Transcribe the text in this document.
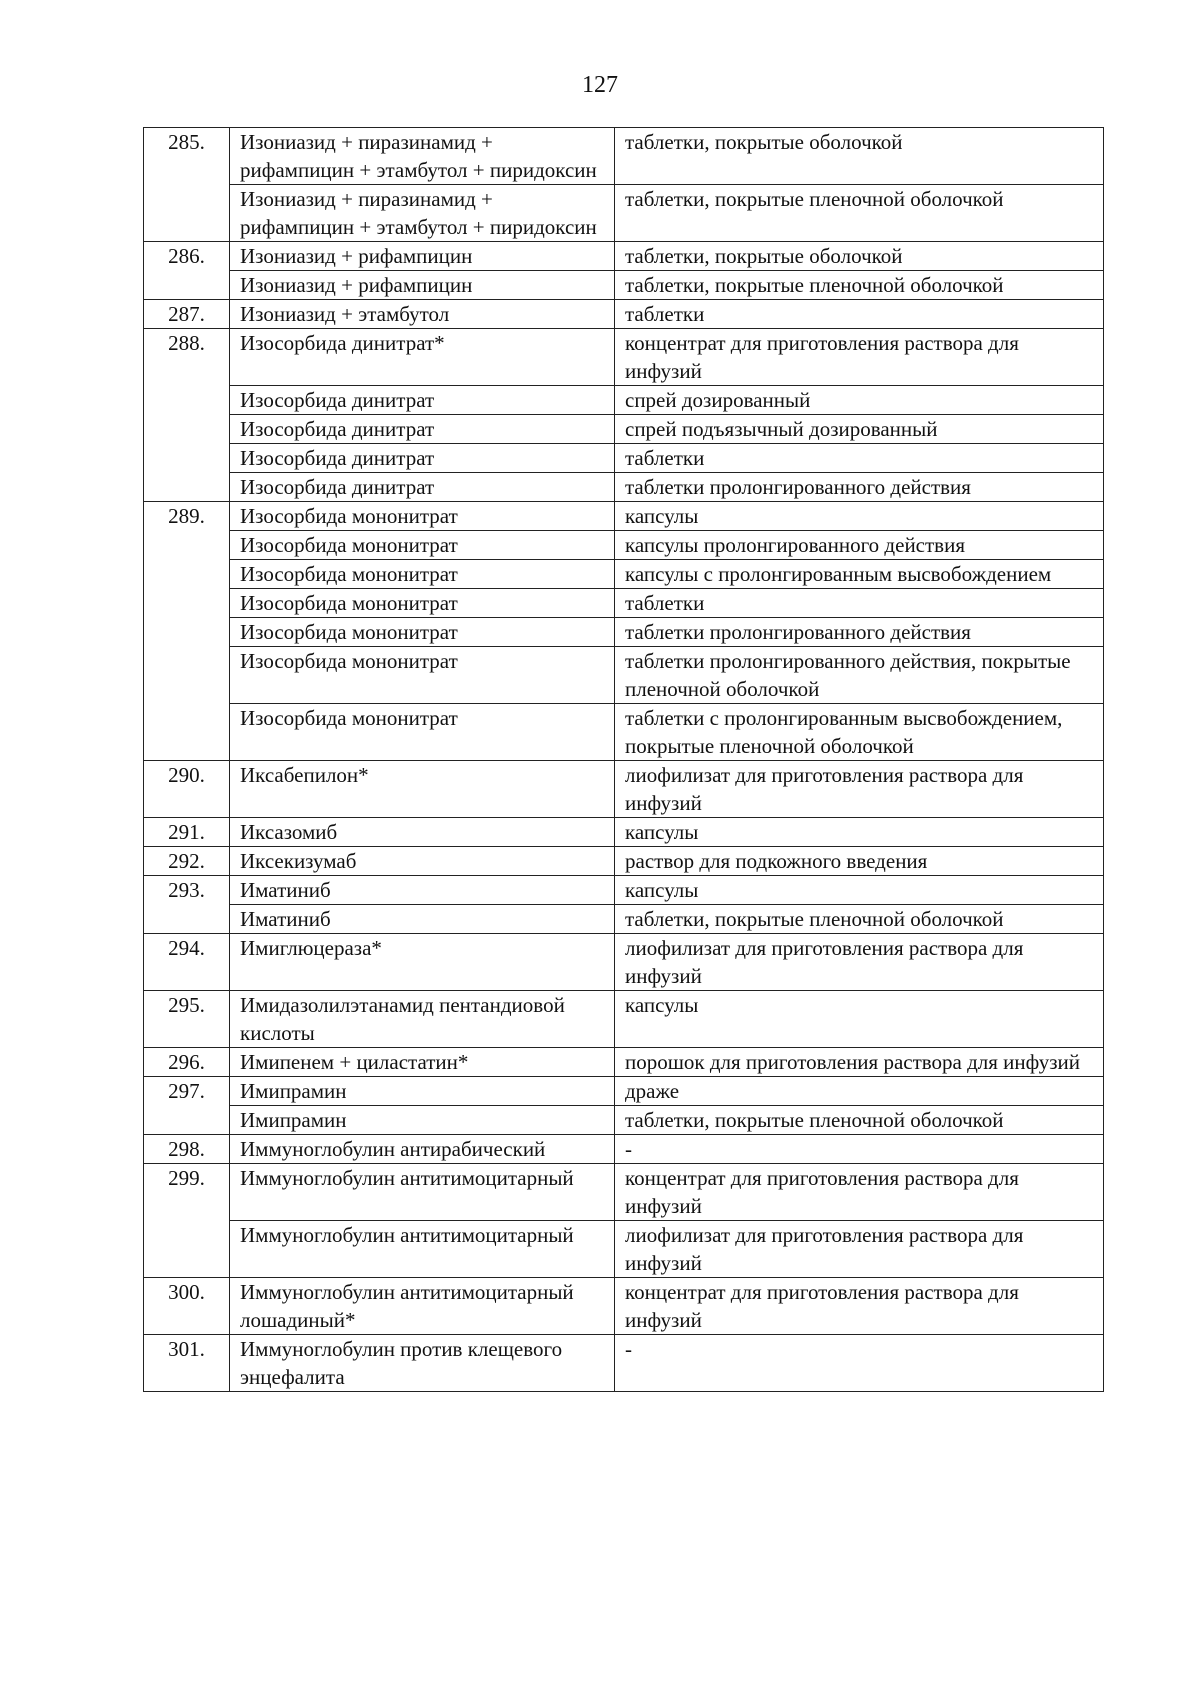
127
285.	Изониазид + пиразинамид + рифампицин + этамбутол + пиридоксин	таблетки, покрытые оболочкой
	Изониазид + пиразинамид + рифампицин + этамбутол + пиридоксин	таблетки, покрытые пленочной оболочкой
286.	Изониазид + рифампицин	таблетки, покрытые оболочкой
	Изониазид + рифампицин	таблетки, покрытые пленочной оболочкой
287.	Изониазид + этамбутол	таблетки
288.	Изосорбида динитрат*	концентрат для приготовления раствора для инфузий
	Изосорбида динитрат	спрей дозированный
	Изосорбида динитрат	спрей подъязычный дозированный
	Изосорбида динитрат	таблетки
	Изосорбида динитрат	таблетки пролонгированного действия
289.	Изосорбида мононитрат	капсулы
	Изосорбида мононитрат	капсулы пролонгированного действия
	Изосорбида мононитрат	капсулы с пролонгированным высвобождением
	Изосорбида мононитрат	таблетки
	Изосорбида мононитрат	таблетки пролонгированного действия
	Изосорбида мононитрат	таблетки пролонгированного действия, покрытые пленочной оболочкой
	Изосорбида мононитрат	таблетки с пролонгированным высвобождением, покрытые пленочной оболочкой
290.	Иксабепилон*	лиофилизат для приготовления раствора для инфузий
291.	Иксазомиб	капсулы
292.	Иксекизумаб	раствор для подкожного введения
293.	Иматиниб	капсулы
	Иматиниб	таблетки, покрытые пленочной оболочкой
294.	Имиглюцераза*	лиофилизат для приготовления раствора для инфузий
295.	Имидазолилэтанамид пентандиовой кислоты	капсулы
296.	Имипенем + циластатин*	порошок для приготовления раствора для инфузий
297.	Имипрамин	драже
	Имипрамин	таблетки, покрытые пленочной оболочкой
298.	Иммуноглобулин антирабический	-
299.	Иммуноглобулин антитимоцитарный	концентрат для приготовления раствора для инфузий
	Иммуноглобулин антитимоцитарный	лиофилизат для приготовления раствора для инфузий
300.	Иммуноглобулин антитимоцитарный лошадиный*	концентрат для приготовления раствора для инфузий
301.	Иммуноглобулин против клещевого энцефалита	-
